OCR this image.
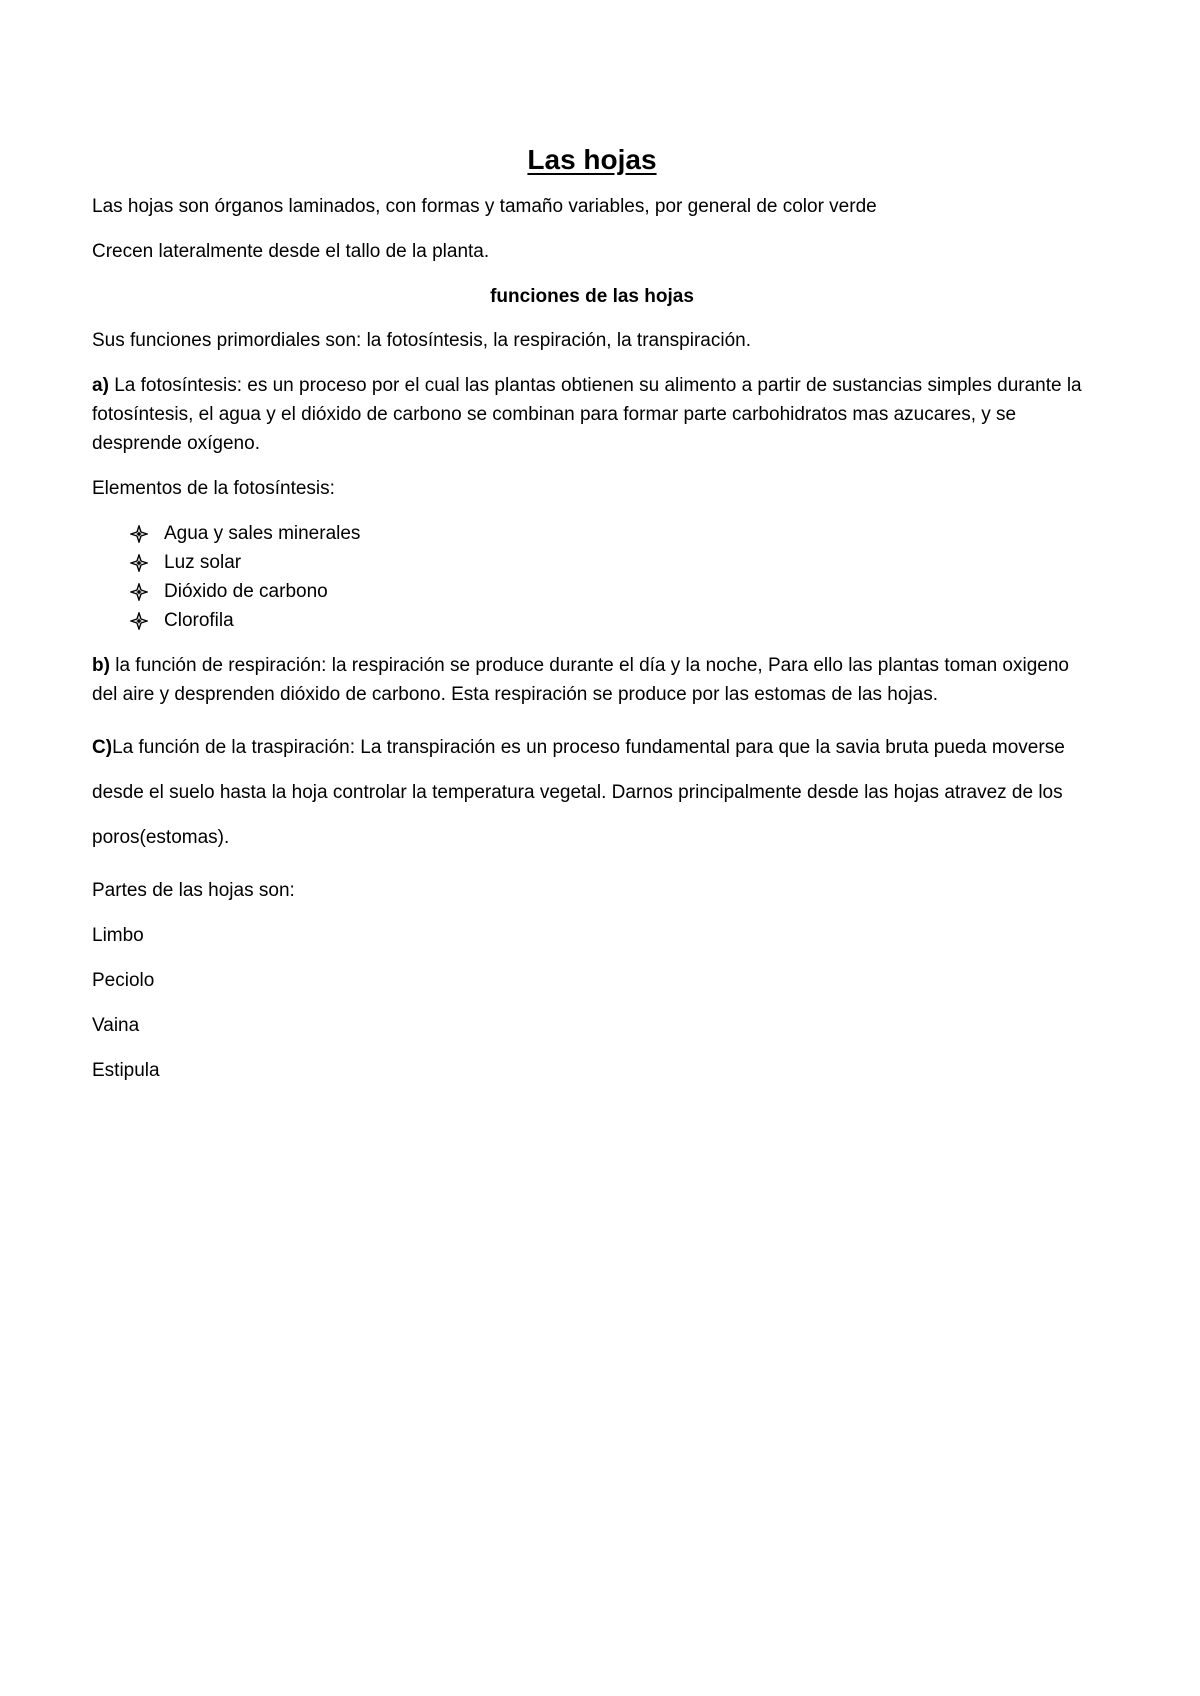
Las hojas

Las hojas son órganos laminados, con formas y tamaño variables, por general de color verde

Crecen lateralmente desde el tallo de la planta.

funciones de las hojas

Sus funciones primordiales son: la fotosíntesis, la respiración, la transpiración.

a) La fotosíntesis: es un proceso por el cual las plantas obtienen su alimento a partir de sustancias simples durante la fotosíntesis, el agua y el dióxido de carbono se combinan para formar parte carbohidratos mas azucares, y se desprende oxígeno.

Elementos de la fotosíntesis:

Agua y sales minerales
Luz solar
Dióxido de carbono
Clorofila

b) la función de respiración: la respiración se produce durante el día y la noche, Para ello las plantas toman oxigeno del aire y desprenden dióxido de carbono. Esta respiración se produce por las estomas de las hojas.

C)La función de la traspiración: La transpiración es un proceso fundamental para que la savia bruta pueda moverse desde el suelo hasta la hoja controlar la temperatura vegetal. Darnos principalmente desde las hojas atravez de los poros(estomas).

Partes de las hojas son:

Limbo

Peciolo

Vaina

Estipula
